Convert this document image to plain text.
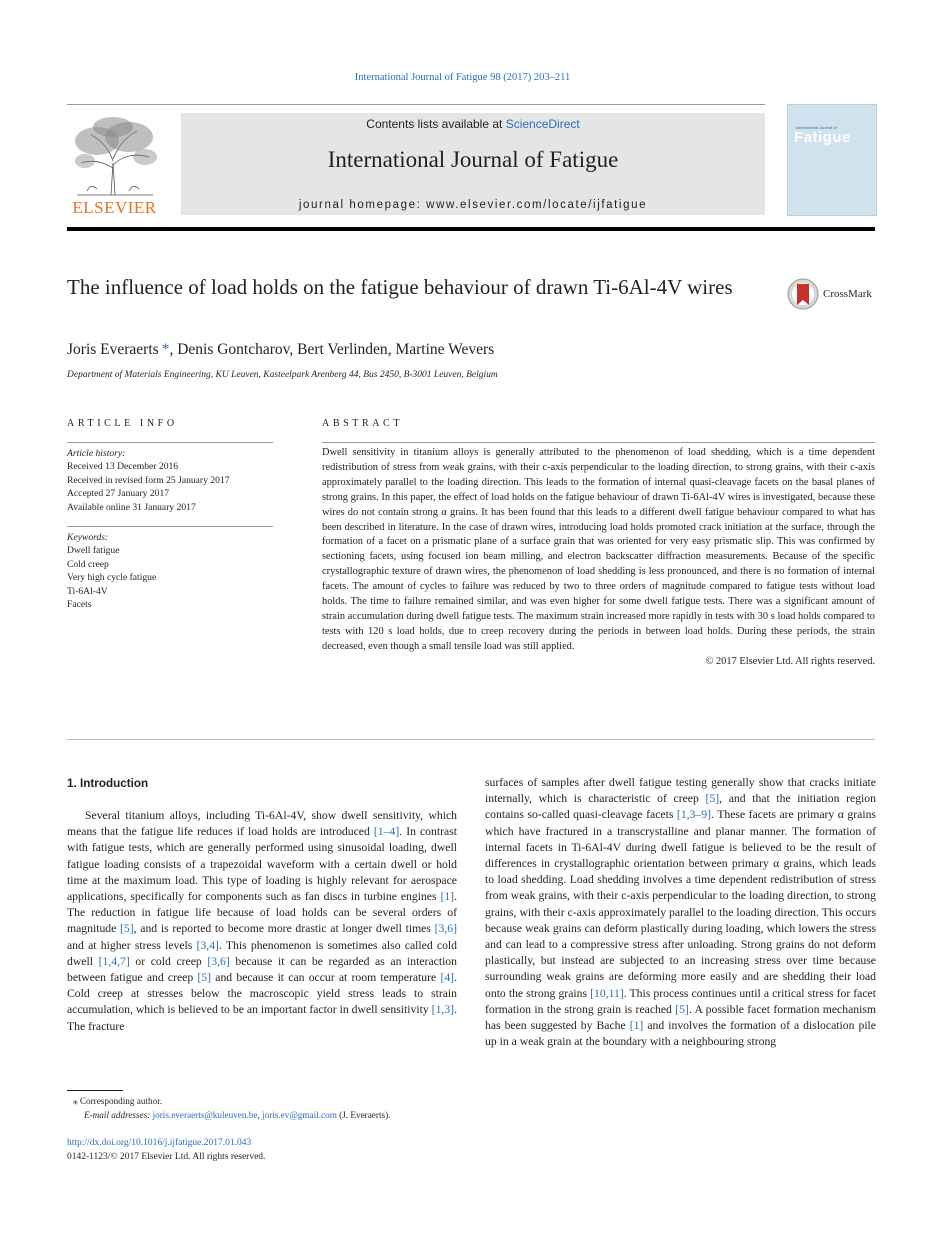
International Journal of Fatigue 98 (2017) 203–211
ELSEVIER
Contents lists available at ScienceDirect
International Journal of Fatigue
journal homepage: www.elsevier.com/locate/ijfatigue
International Journal of
Fatigue
The influence of load holds on the fatigue behaviour of drawn Ti-6Al-4V wires	CrossMark
Joris Everaerts *, Denis Gontcharov, Bert Verlinden, Martine Wevers
Department of Materials Engineering, KU Leuven, Kasteelpark Arenberg 44, Bus 2450, B-3001 Leuven, Belgium
ARTICLE INFO
Article history:
Received 13 December 2016
Received in revised form 25 January 2017
Accepted 27 January 2017
Available online 31 January 2017
Keywords:
Dwell fatigue
Cold creep
Very high cycle fatigue
Ti-6Al-4V
Facets
ABSTRACT
Dwell sensitivity in titanium alloys is generally attributed to the phenomenon of load shedding, which is a time dependent redistribution of stress from weak grains, with their c-axis perpendicular to the loading direction, to strong grains, with their c-axis approximately parallel to the loading direction. This leads to the formation of internal quasi-cleavage facets on the basal planes of strong grains. In this paper, the effect of load holds on the fatigue behaviour of drawn Ti-6Al-4V wires is investigated, because these wires do not contain strong α grains. It has been found that this leads to a different dwell fatigue behaviour compared to what has been described in literature. In the case of drawn wires, introducing load holds promoted crack initiation at the surface, through the formation of a facet on a prismatic plane of a surface grain that was oriented for very easy prismatic slip. This was confirmed by sectioning facets, using focused ion beam milling, and electron backscatter diffraction measurements. Because of the specific crystallographic texture of drawn wires, the phenomenon of load shedding is less pronounced, and there is no formation of internal facets. The amount of cycles to failure was reduced by two to three orders of magnitude compared to fatigue tests without load holds. The time to failure remained similar, and was even higher for some dwell fatigue tests. There was a significant amount of strain accumulation during dwell fatigue tests. The maximum strain increased more rapidly in tests with 30 s load holds compared to tests with 120 s load holds, due to creep recovery during the periods in between load holds. During these periods, the strain decreased, even though a small tensile load was still applied.
© 2017 Elsevier Ltd. All rights reserved.
1. Introduction
Several titanium alloys, including Ti-6Al-4V, show dwell sensitivity, which means that the fatigue life reduces if load holds are introduced [1–4]. In contrast with fatigue tests, which are generally performed using sinusoidal loading, dwell fatigue loading consists of a trapezoidal waveform with a certain dwell or hold time at the maximum load. This type of loading is highly relevant for aerospace applications, specifically for components such as fan discs in turbine engines [1]. The reduction in fatigue life because of load holds can be several orders of magnitude [5], and is reported to become more drastic at longer dwell times [3,6] and at higher stress levels [3,4]. This phenomenon is sometimes also called cold dwell [1,4,7] or cold creep [3,6] because it can be regarded as an interaction between fatigue and creep [5] and because it can occur at room temperature [4]. Cold creep at stresses below the macroscopic yield stress leads to strain accumulation, which is believed to be an important factor in dwell sensitivity [1,3]. The fracture
surfaces of samples after dwell fatigue testing generally show that cracks initiate internally, which is characteristic of creep [5], and that the initiation region contains so-called quasi-cleavage facets [1,3–9]. These facets are primary α grains which have fractured in a transcrystalline and planar manner. The formation of internal facets in Ti-6Al-4V during dwell fatigue is believed to be the result of differences in crystallographic orientation between primary α grains, which leads to load shedding. Load shedding involves a time dependent redistribution of stress from weak grains, with their c-axis perpendicular to the loading direction, to strong grains, with their c-axis approximately parallel to the loading direction. This occurs because weak grains can deform plastically during loading, which lowers the stress and can lead to a compressive stress after unloading. Strong grains do not deform plastically, but instead are subjected to an increasing stress over time because surrounding weak grains are deforming more easily and are shedding their load onto the strong grains [10,11]. This process continues until a critical stress for facet formation in the strong grain is reached [5]. A possible facet formation mechanism has been suggested by Bache [1] and involves the formation of a dislocation pile up in a weak grain at the boundary with a neighbouring strong
⁎ Corresponding author.
E-mail addresses: joris.everaerts@kuleuven.be, joris.ev@gmail.com (J. Everaerts).
http://dx.doi.org/10.1016/j.ijfatigue.2017.01.043
0142-1123/© 2017 Elsevier Ltd. All rights reserved.
